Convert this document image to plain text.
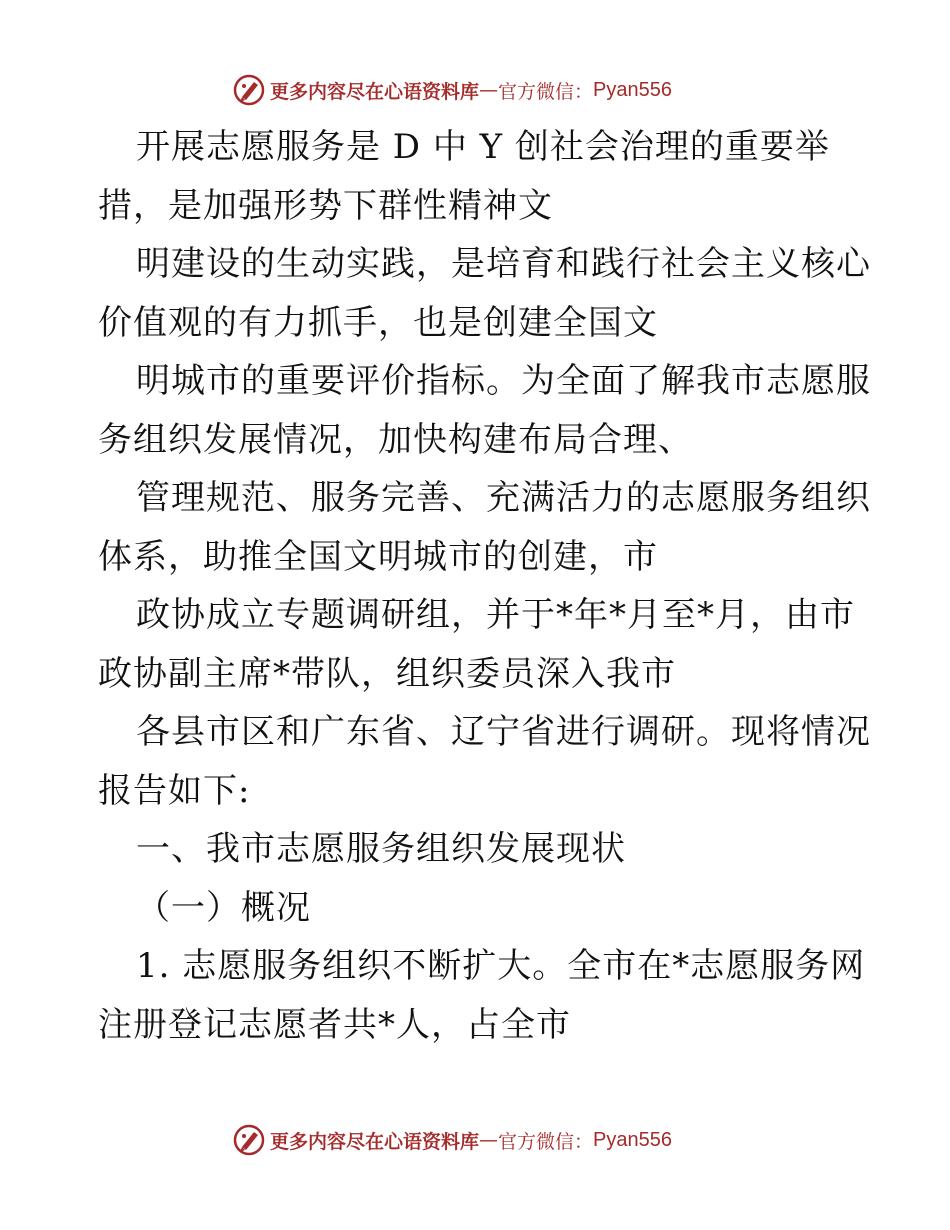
更多内容尽在心语资料库 — 官方微信： Pyan556
开展志愿服务是 D 中 Y 创社会治理的重要举
措，是加强形势下群性精神文
明建设的生动实践，是培育和践行社会主义核心
价值观的有力抓手，也是创建全国文
明城市的重要评价指标。为全面了解我市志愿服
务组织发展情况，加快构建布局合理、
管理规范、服务完善、充满活力的志愿服务组织
体系，助推全国文明城市的创建，市
政协成立专题调研组，并于*年*月至*月，由市
政协副主席*带队，组织委员深入我市
各县市区和广东省、辽宁省进行调研。现将情况
报告如下:
一、我市志愿服务组织发展现状
（一）概况
1. 志愿服务组织不断扩大。全市在*志愿服务网
注册登记志愿者共*人，占全市
更多内容尽在心语资料库 — 官方微信： Pyan556
